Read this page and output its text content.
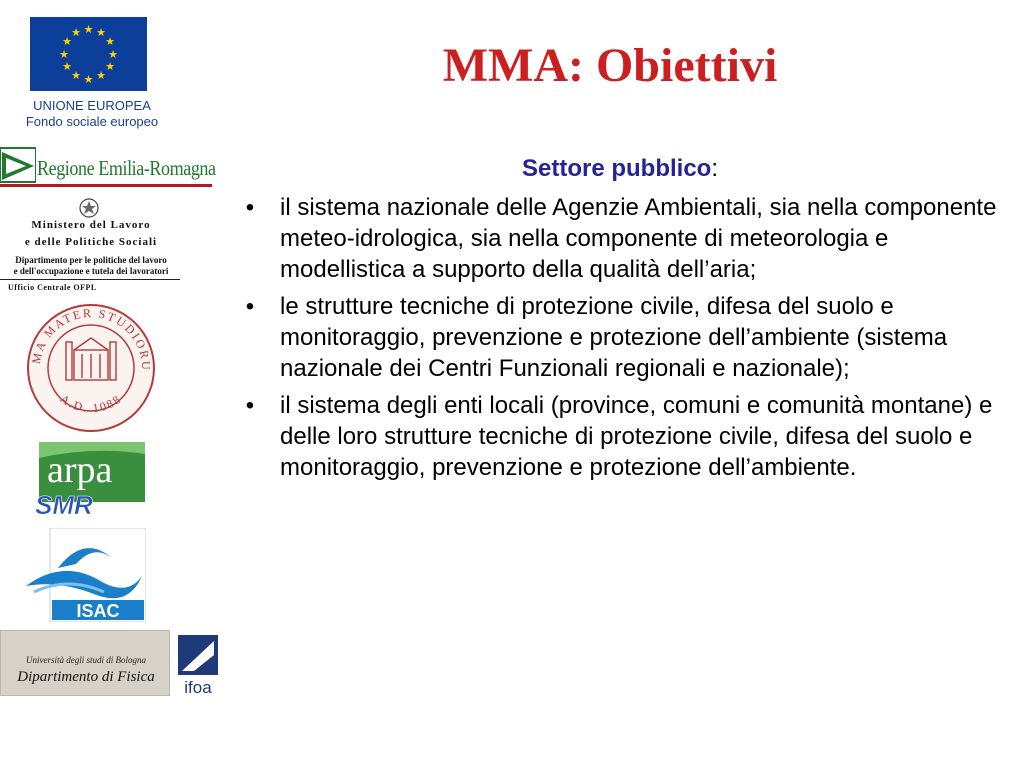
★ ★
★
★
★
★
★
★
★
★
★
★
UNIONE EUROPEA
Fondo sociale europeo
Regione Emilia-Romagna
Ministero del Lavoro
e delle Politiche Sociali
Dipartimento per le politiche del lavoro
e dell'occupazione e tutela dei lavoratori
Ufficio Centrale OFPL
MA MATER STUDIORU
A.D. 1088
arpa
SMR
ISAC
Università degli studi di Bologna
Dipartimento di Fisica
ifoa
MMA: Obiettivi
Settore pubblico:
•	il sistema nazionale delle Agenzie Ambientali, sia nella componente meteo-idrologica, sia nella componente di meteorologia e modellistica a supporto della qualità dell’aria;
•	le strutture tecniche di protezione civile, difesa del suolo e monitoraggio, prevenzione e protezione dell’ambiente (sistema nazionale dei Centri Funzionali regionali e nazionale);
•	il sistema degli enti locali (province, comuni e comunità montane) e delle loro strutture tecniche di protezione civile, difesa del suolo e monitoraggio, prevenzione e protezione dell’ambiente.
